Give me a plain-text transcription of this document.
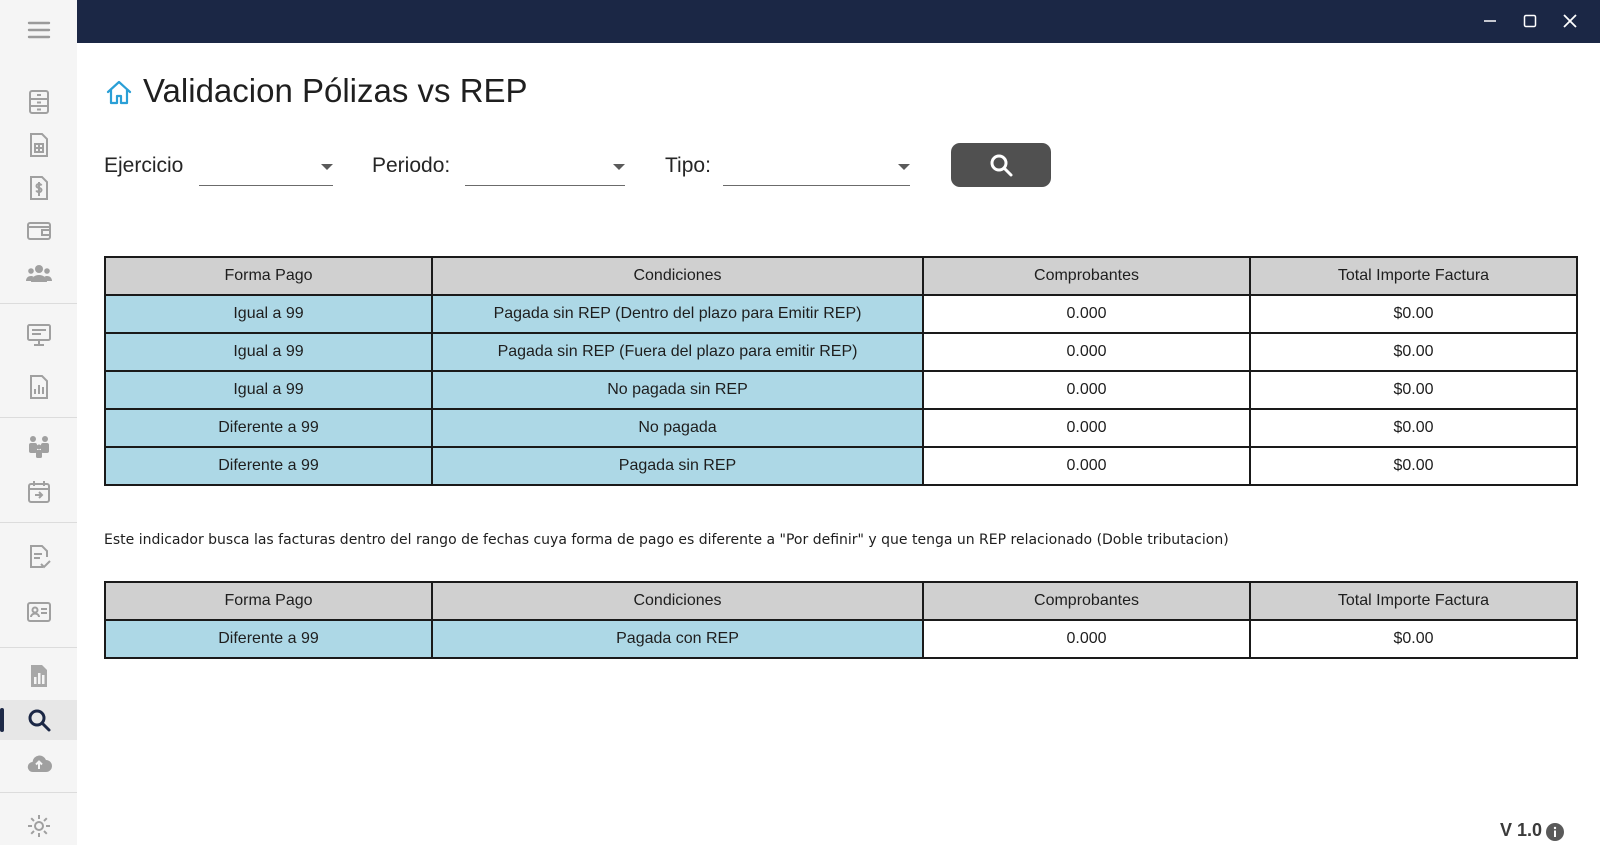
Validacion Pólizas vs REP
Ejercicio	Periodo:	Tipo:
Forma Pago	Condiciones	Comprobantes	Total Importe Factura
Igual a 99	Pagada sin REP (Dentro del plazo para Emitir REP)	0.000	$0.00
Igual a 99	Pagada sin REP (Fuera del plazo para emitir REP)	0.000	$0.00
Igual a 99	No pagada sin REP	0.000	$0.00
Diferente a 99	No pagada	0.000	$0.00
Diferente a 99	Pagada sin REP	0.000	$0.00
Este indicador busca las facturas dentro del rango de fechas cuya forma de pago es diferente a "Por definir" y que tenga un REP relacionado (Doble tributacion)
Forma Pago	Condiciones	Comprobantes	Total Importe Factura
Diferente a 99	Pagada con REP	0.000	$0.00
V 1.0
